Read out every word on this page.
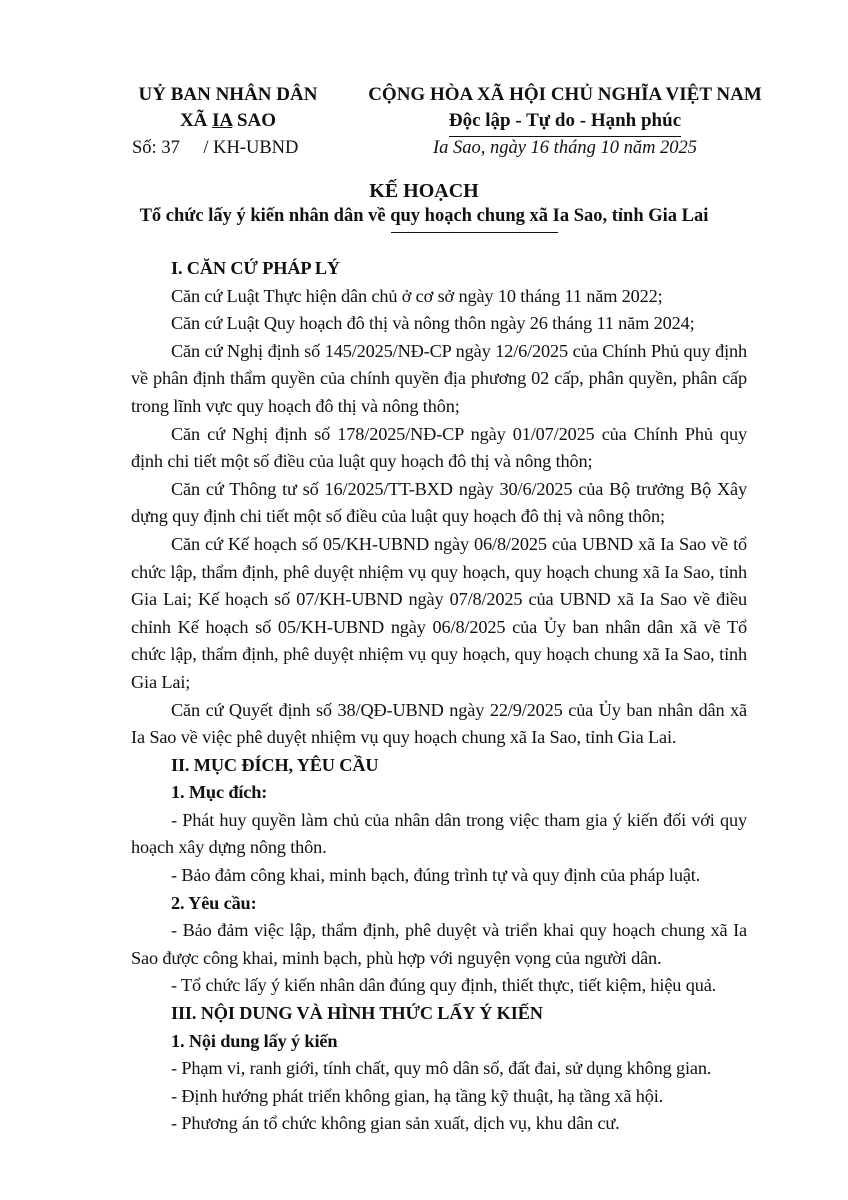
UỶ BAN NHÂN DÂN
XÃ IA SAO
CỘNG HÒA XÃ HỘI CHỦ NGHĨA VIỆT NAM
Độc lập - Tự do - Hạnh phúc
Số: 37 / KH-UBND	Ia Sao, ngày 16 tháng 10 năm 2025
KẾ HOẠCH
Tổ chức lấy ý kiến nhân dân về quy hoạch chung xã Ia Sao, tỉnh Gia Lai

I. CĂN CỨ PHÁP LÝ

Căn cứ Luật Thực hiện dân chủ ở cơ sở ngày 10 tháng 11 năm 2022;

Căn cứ Luật Quy hoạch đô thị và nông thôn ngày 26 tháng 11 năm 2024;

Căn cứ Nghị định số 145/2025/NĐ-CP ngày 12/6/2025 của Chính Phủ quy định về phân định thẩm quyền của chính quyền địa phương 02 cấp, phân quyền, phân cấp trong lĩnh vực quy hoạch đô thị và nông thôn;

Căn cứ Nghị định số 178/2025/NĐ-CP ngày 01/07/2025 của Chính Phủ quy định chi tiết một số điều của luật quy hoạch đô thị và nông thôn;

Căn cứ Thông tư số 16/2025/TT-BXD ngày 30/6/2025 của Bộ trưởng Bộ Xây dựng quy định chi tiết một số điều của luật quy hoạch đô thị và nông thôn;

Căn cứ Kế hoạch số 05/KH-UBND ngày 06/8/2025 của UBND xã Ia Sao về tổ chức lập, thẩm định, phê duyệt nhiệm vụ quy hoạch, quy hoạch chung xã Ia Sao, tỉnh Gia Lai; Kế hoạch số 07/KH-UBND ngày 07/8/2025 của UBND xã Ia Sao về điều chỉnh Kế hoạch số 05/KH-UBND ngày 06/8/2025 của Ủy ban nhân dân xã về Tổ chức lập, thẩm định, phê duyệt nhiệm vụ quy hoạch, quy hoạch chung xã Ia Sao, tỉnh Gia Lai;

Căn cứ Quyết định số 38/QĐ-UBND ngày 22/9/2025 của Ủy ban nhân dân xã Ia Sao về việc phê duyệt nhiệm vụ quy hoạch chung xã Ia Sao, tỉnh Gia Lai.

II. MỤC ĐÍCH, YÊU CẦU

1. Mục đích:

- Phát huy quyền làm chủ của nhân dân trong việc tham gia ý kiến đối với quy hoạch xây dựng nông thôn.

- Bảo đảm công khai, minh bạch, đúng trình tự và quy định của pháp luật.

2. Yêu cầu:

- Bảo đảm việc lập, thẩm định, phê duyệt và triển khai quy hoạch chung xã Ia Sao được công khai, minh bạch, phù hợp với nguyện vọng của người dân.

- Tổ chức lấy ý kiến nhân dân đúng quy định, thiết thực, tiết kiệm, hiệu quả.

III. NỘI DUNG VÀ HÌNH THỨC LẤY Ý KIẾN

1. Nội dung lấy ý kiến

- Phạm vi, ranh giới, tính chất, quy mô dân số, đất đai, sử dụng không gian.

- Định hướng phát triển không gian, hạ tầng kỹ thuật, hạ tầng xã hội.

- Phương án tổ chức không gian sản xuất, dịch vụ, khu dân cư.
